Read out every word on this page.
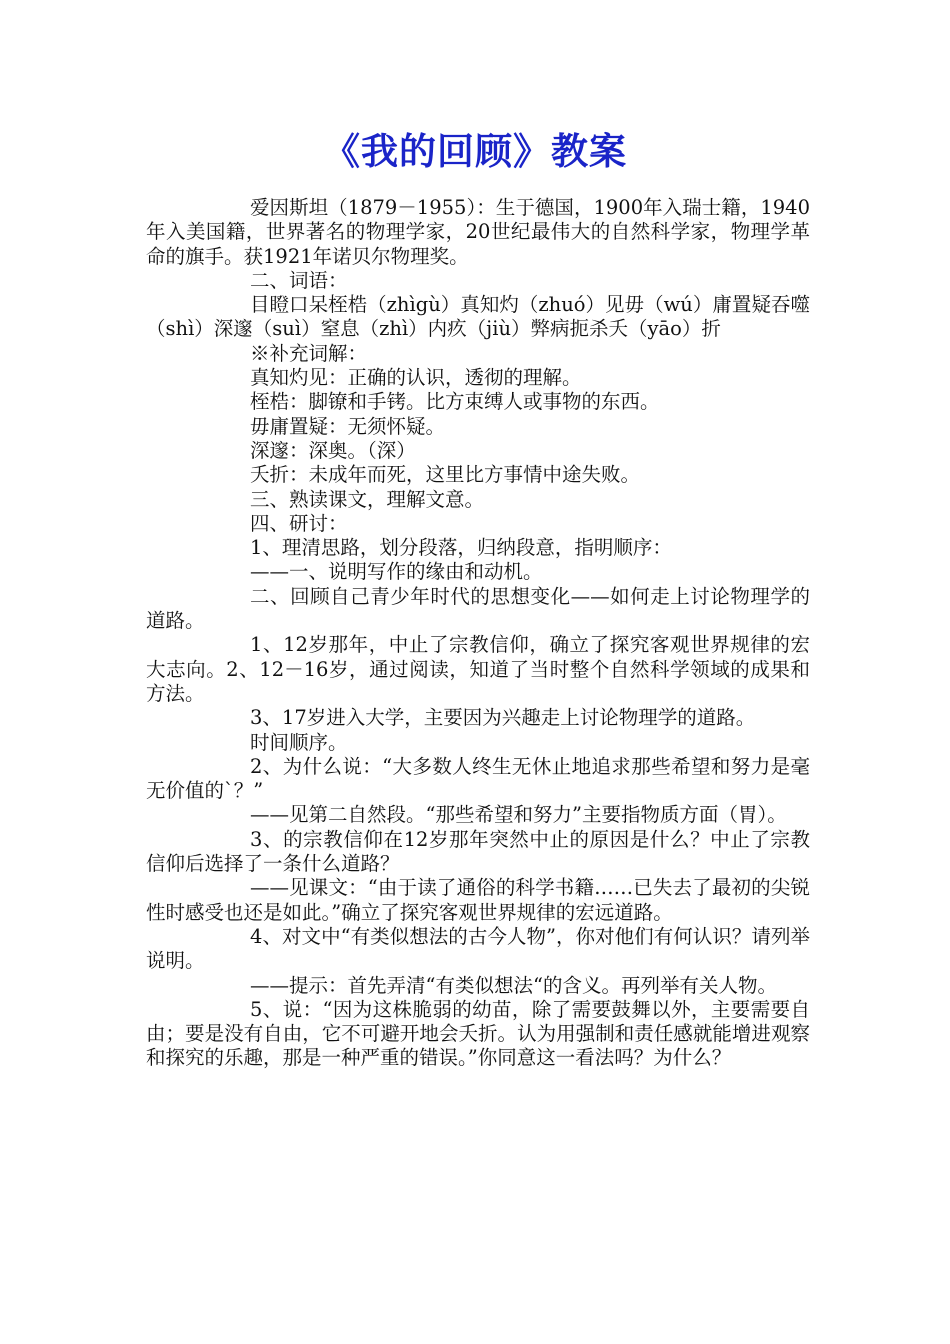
《我的回顾》教案

爱因斯坦（1879－1955）：生于德国，1900年入瑞士籍，1940年入美国籍，世界著名的物理学家，20世纪最伟大的自然科学家，物理学革命的旗手。获1921年诺贝尔物理奖。

二、词语：

目瞪口呆桎梏（zhìgù）真知灼（zhuó）见毋（wú）庸置疑吞噬（shì）深邃（suì）窒息（zhì）内疚（jiù）弊病扼杀夭（yāo）折

※补充词解：

真知灼见：正确的认识，透彻的理解。

桎梏：脚镣和手铐。比方束缚人或事物的东西。

毋庸置疑：无须怀疑。

深邃：深奥。（深）

夭折：未成年而死，这里比方事情中途失败。

三、熟读课文，理解文意。

四、研讨：

1、理清思路，划分段落，归纳段意，指明顺序：

——一、说明写作的缘由和动机。

二、回顾自己青少年时代的思想变化——如何走上讨论物理学的道路。

1、12岁那年，中止了宗教信仰，确立了探究客观世界规律的宏大志向。2、12－16岁，通过阅读，知道了当时整个自然科学领域的成果和方法。

3、17岁进入大学，主要因为兴趣走上讨论物理学的道路。

时间顺序。

2、为什么说：“大多数人终生无休止地追求那些希望和努力是毫无价值的`？”

——见第二自然段。“那些希望和努力”主要指物质方面（胃）。

3、的宗教信仰在12岁那年突然中止的原因是什么？中止了宗教信仰后选择了一条什么道路？

——见课文：“由于读了通俗的科学书籍……已失去了最初的尖锐性时感受也还是如此。”确立了探究客观世界规律的宏远道路。

4、对文中“有类似想法的古今人物”，你对他们有何认识？请列举说明。

——提示：首先弄清“有类似想法“的含义。再列举有关人物。

5、说：“因为这株脆弱的幼苗，除了需要鼓舞以外，主要需要自由；要是没有自由，它不可避开地会夭折。认为用强制和责任感就能增进观察和探究的乐趣，那是一种严重的错误。”你同意这一看法吗？为什么？
